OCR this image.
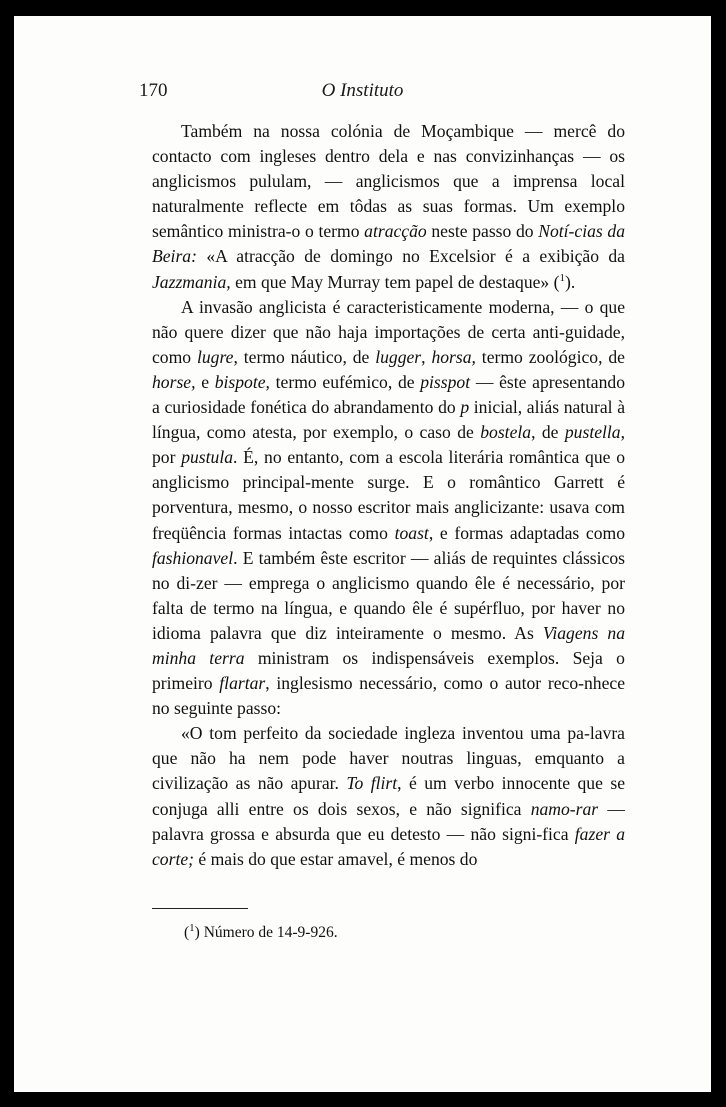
170	O Instituto

Também na nossa colónia de Moçambique — mercê do contacto com ingleses dentro dela e nas convizinhanças — os anglicismos pululam, — anglicismos que a imprensa local naturalmente reflecte em tôdas as suas formas. Um exemplo semântico ministra-o o termo atracção neste passo do Notí-cias da Beira: «A atracção de domingo no Excelsior é a exibição da Jazzmania, em que May Murray tem papel de destaque» ($^1$).

A invasão anglicista é caracteristicamente moderna, — o que não quere dizer que não haja importações de certa anti-guidade, como lugre, termo náutico, de lugger, horsa, termo zoológico, de horse, e bispote, termo eufémico, de pisspot — êste apresentando a curiosidade fonética do abrandamento do p inicial, aliás natural à língua, como atesta, por exemplo, o caso de bostela, de pustella, por pustula. É, no entanto, com a escola literária romântica que o anglicismo principal-mente surge. E o romântico Garrett é porventura, mesmo, o nosso escritor mais anglicizante: usava com freqüência formas intactas como toast, e formas adaptadas como fashionavel. E também êste escritor — aliás de requintes clássicos no di-zer — emprega o anglicismo quando êle é necessário, por falta de termo na língua, e quando êle é supérfluo, por haver no idioma palavra que diz inteiramente o mesmo. As Viagens na minha terra ministram os indispensáveis exemplos. Seja o primeiro flartar, inglesismo necessário, como o autor reco-nhece no seguinte passo:

«O tom perfeito da sociedade ingleza inventou uma pa-lavra que não ha nem pode haver noutras linguas, emquanto a civilização as não apurar. To flirt, é um verbo innocente que se conjuga alli entre os dois sexos, e não significa namo-rar — palavra grossa e absurda que eu detesto — não signi-fica fazer a corte; é mais do que estar amavel, é menos do

($^1$) Número de 14-9-926.
